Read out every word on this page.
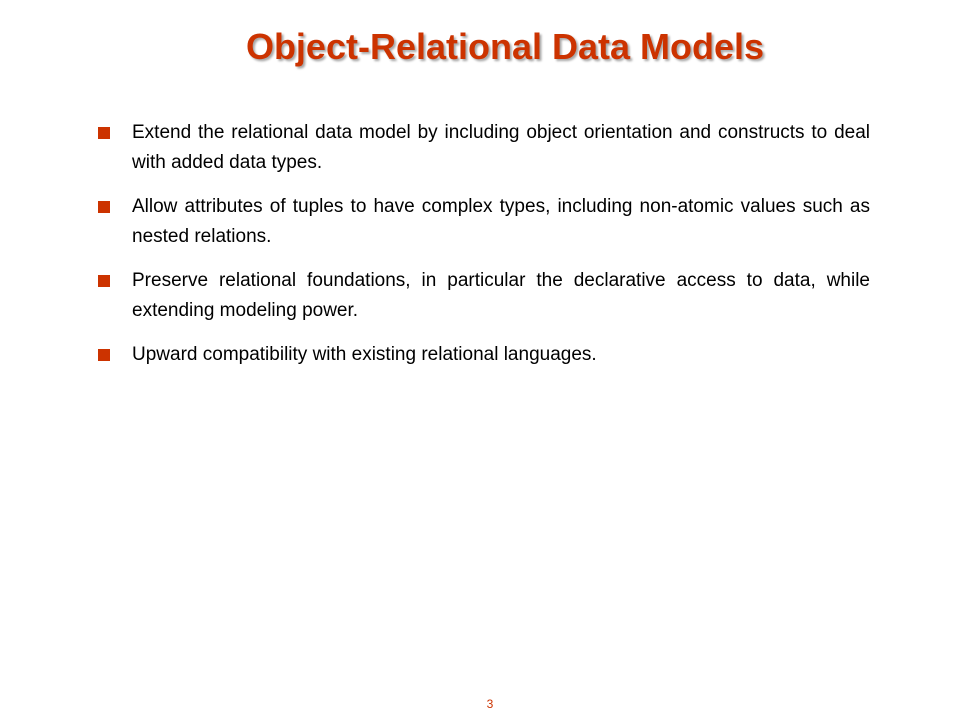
Object-Relational Data Models
Extend the relational data model by including object orientation and constructs to deal with added data types.
Allow attributes of tuples to have complex types, including non-atomic values such as nested relations.
Preserve relational foundations, in particular the declarative access to data, while extending modeling power.
Upward compatibility with existing relational languages.
3
